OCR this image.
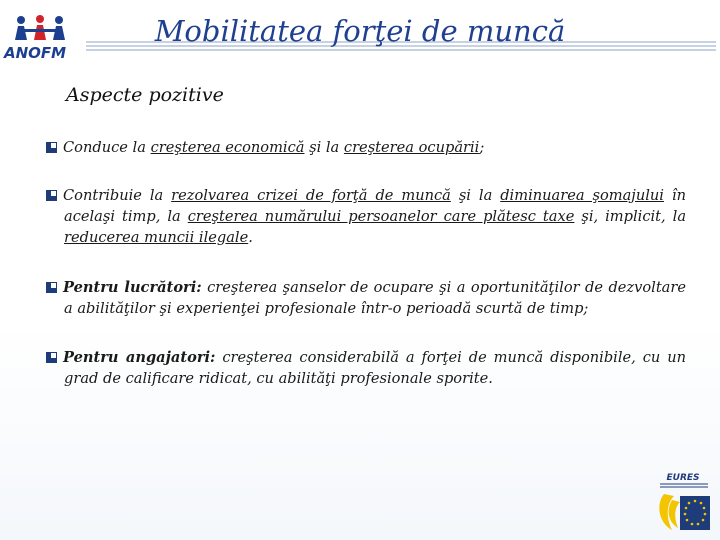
ANOFM
Mobilitatea forţei de muncă
Aspecte pozitive
Conduce la creşterea economică şi la creşterea ocupării;
Contribuie la rezolvarea crizei de forţă de muncă şi la diminuarea şomajului în acelaşi timp, la creşterea numărului persoanelor care plătesc taxe şi, implicit, la reducerea muncii ilegale.
Pentru lucrători: creşterea şanselor de ocupare şi a oportunităţilor de dezvoltare a abilităţilor şi experienţei profesionale într-o perioadă scurtă de timp;
Pentru angajatori: creşterea considerabilă a forţei de muncă disponibile, cu un grad de calificare ridicat, cu abilităţi profesionale sporite.
EURES
